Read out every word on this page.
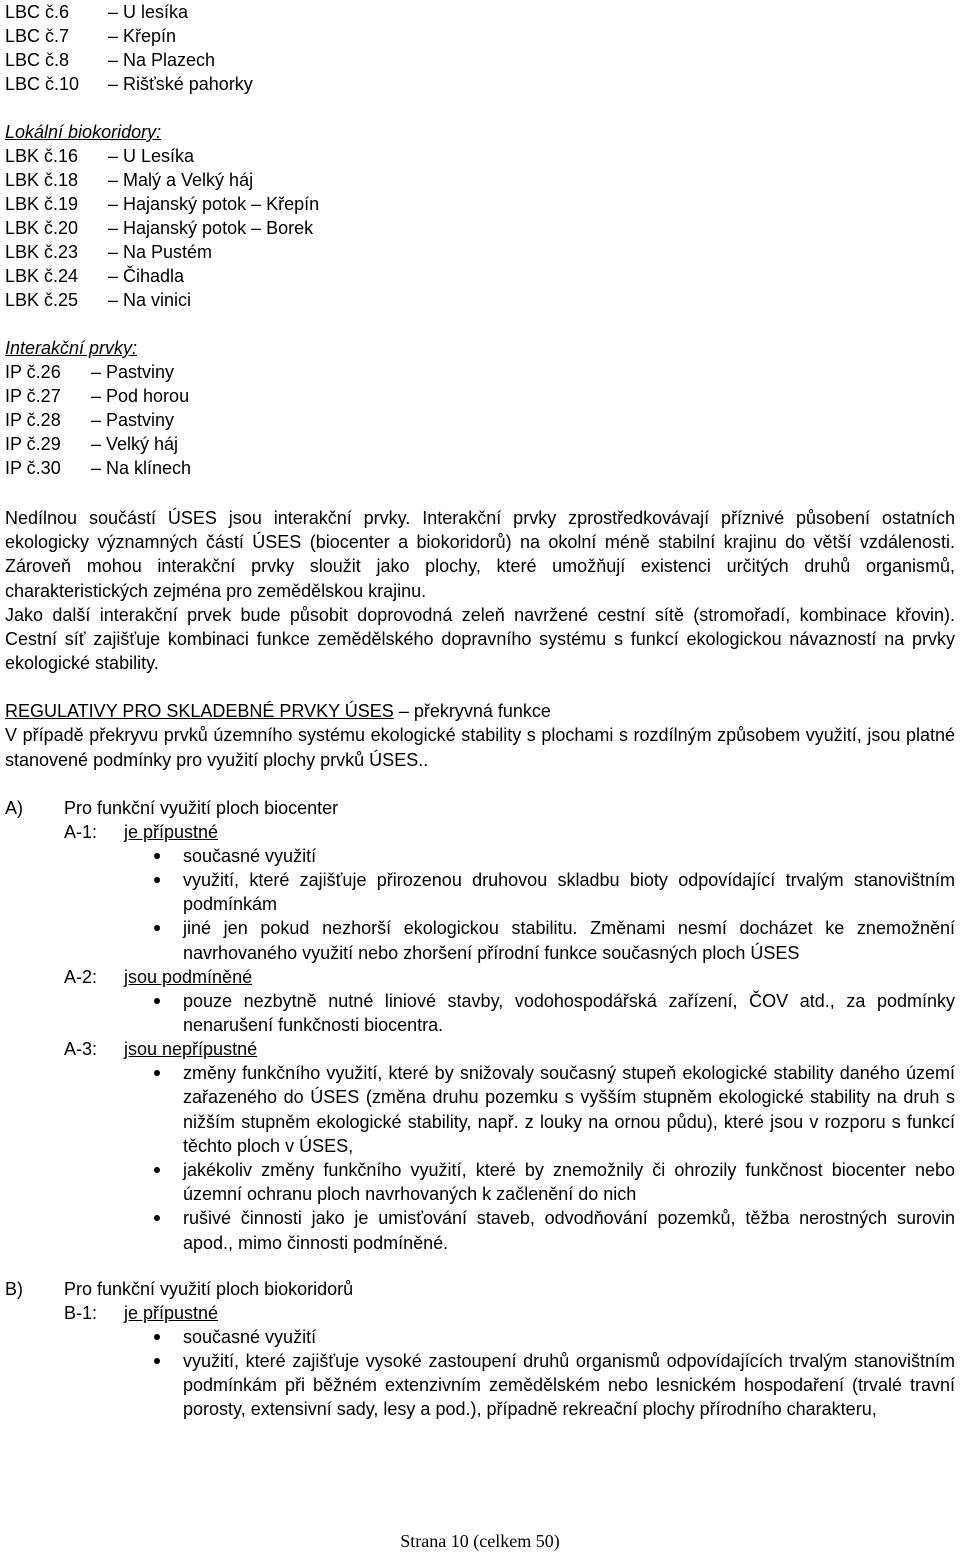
LBC č.6	– U lesíka
LBC č.7	– Křepín
LBC č.8	– Na Plazech
LBC č.10	– Rišťské pahorky
Lokální biokoridory:
LBK č.16	– U Lesíka
LBK č.18	– Malý a Velký háj
LBK č.19	– Hajanský potok – Křepín
LBK č.20	– Hajanský potok – Borek
LBK č.23	– Na Pustém
LBK č.24	– Čihadla
LBK č.25	– Na vinici
Interakční prvky:
IP č.26	– Pastviny
IP č.27	– Pod horou
IP č.28	– Pastviny
IP č.29	– Velký háj
IP č.30	– Na klínech
Nedílnou součástí ÚSES jsou interakční prvky. Interakční prvky zprostředkovávají příznivé působení ostatních ekologicky významných částí ÚSES (biocenter a biokoridorů) na okolní méně stabilní krajinu do větší vzdálenosti. Zároveň mohou interakční prvky sloužit jako plochy, které umožňují existenci určitých druhů organismů, charakteristických zejména pro zemědělskou krajinu.
Jako další interakční prvek bude působit doprovodná zeleň navržené cestní sítě (stromořadí, kombinace křovin). Cestní síť zajišťuje kombinaci funkce zemědělského dopravního systému s funkcí ekologickou návazností na prvky ekologické stability.
REGULATIVY PRO SKLADEBNÉ PRVKY ÚSES – překryvná funkce
V případě překryvu prvků územního systému ekologické stability s plochami s rozdílným způsobem využití, jsou platné stanovené podmínky pro využití plochy prvků ÚSES..
A)	Pro funkční využití ploch biocenter
A-1:	je přípustné
současné využití
využití, které zajišťuje přirozenou druhovou skladbu bioty odpovídající trvalým stanovištním podmínkám
jiné jen pokud nezhorší ekologickou stabilitu. Změnami nesmí docházet ke znemožnění navrhovaného využití nebo zhoršení přírodní funkce současných ploch ÚSES
A-2:	jsou podmíněné
pouze nezbytně nutné liniové stavby, vodohospodářská zařízení, ČOV atd., za podmínky nenarušení funkčnosti biocentra.
A-3:	jsou nepřípustné
změny funkčního využití, které by snižovaly současný stupeň ekologické stability daného území zařazeného do ÚSES (změna druhu pozemku s vyšším stupněm ekologické stability na druh s nižším stupněm ekologické stability, např. z louky na ornou půdu), které jsou v rozporu s funkcí těchto ploch v ÚSES,
jakékoliv změny funkčního využití, které by znemožnily či ohrozily funkčnost biocenter nebo územní ochranu ploch navrhovaných k začlenění do nich
rušivé činnosti jako je umisťování staveb, odvodňování pozemků, těžba nerostných surovin apod., mimo činnosti podmíněné.
B)	Pro funkční využití ploch biokoridorů
B-1:	je přípustné
současné využití
využití, které zajišťuje vysoké zastoupení druhů organismů odpovídajících trvalým stanovištním podmínkám při běžném extenzivním zemědělském nebo lesnickém hospodaření (trvalé travní porosty, extensivní sady, lesy a pod.), případně rekreační plochy přírodního charakteru,
Strana 10 (celkem 50)
